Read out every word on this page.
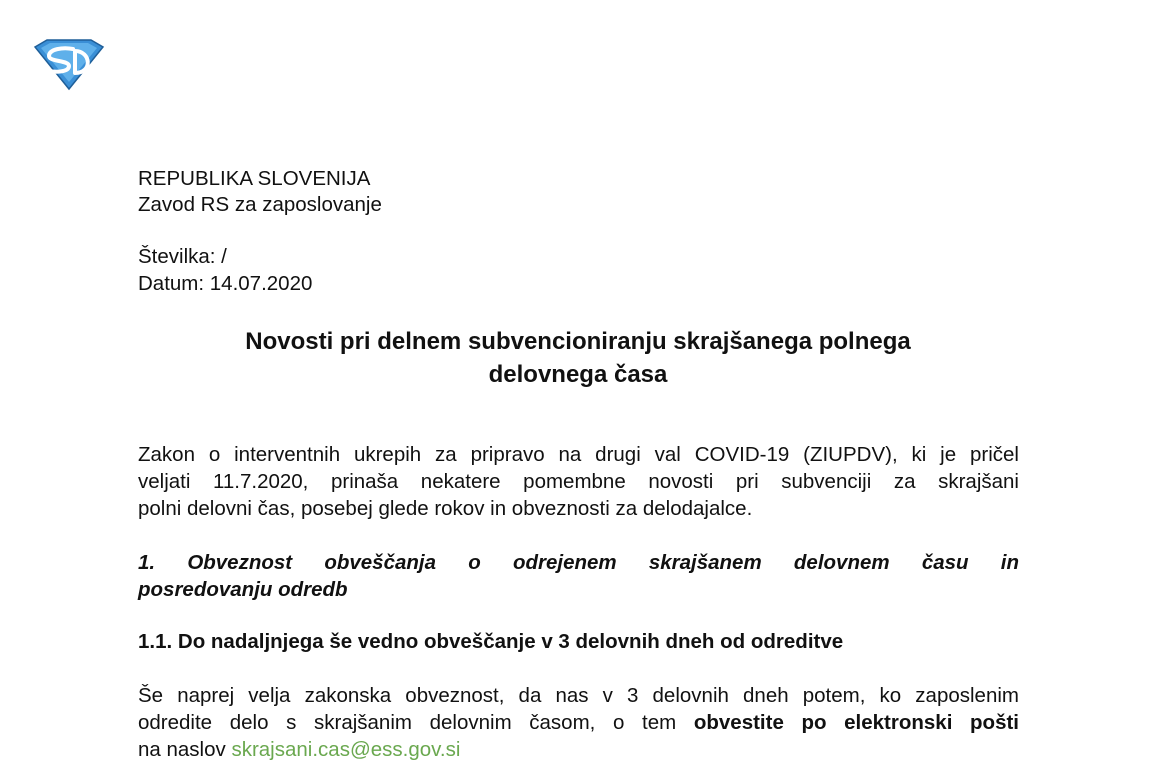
REPUBLIKA SLOVENIJA
Zavod RS za zaposlovanje
Številka: /
Datum: 14.07.2020
Novosti pri delnem subvencioniranju skrajšanega polnega
delovnega časa

Zakon o interventnih ukrepih za pripravo na drugi val COVID-19 (ZIUPDV), ki je pričel
veljati 11.7.2020, prinaša nekatere pomembne novosti pri subvenciji za skrajšani
polni delovni čas, posebej glede rokov in obveznosti za delodajalce.

1. Obveznost obveščanja o odrejenem skrajšanem delovnem času in
posredovanju odredb
1.1. Do nadaljnjega še vedno obveščanje v 3 delovnih dneh od odreditve

Še naprej velja zakonska obveznost, da nas v 3 delovnih dneh potem, ko zaposlenim
odredite delo s skrajšanim delovnim časom, o tem obvestite po elektronski pošti
na naslov skrajsani.cas@ess.gov.si
